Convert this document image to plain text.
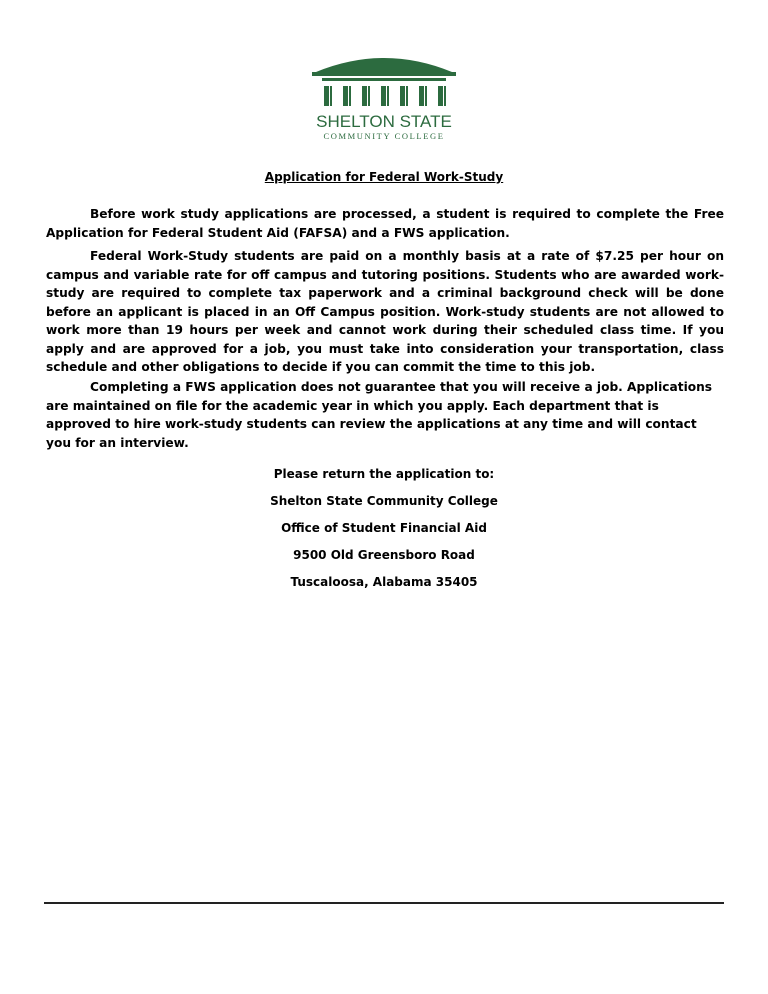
SHELTON STATE
COMMUNITY COLLEGE
Application for Federal Work-Study

Before work study applications are processed, a student is required to complete the Free Application for Federal Student Aid (FAFSA) and a FWS application.

Federal Work-Study students are paid on a monthly basis at a rate of $7.25 per hour on campus and variable rate for off campus and tutoring positions. Students who are awarded work-study are required to complete tax paperwork and a criminal background check will be done before an applicant is placed in an Off Campus position. Work-study students are not allowed to work more than 19 hours per week and cannot work during their scheduled class time. If you apply and are approved for a job, you must take into consideration your transportation, class schedule and other obligations to decide if you can commit the time to this job.

Completing a FWS application does not guarantee that you will receive a job. Applications are maintained on file for the academic year in which you apply. Each department that is approved to hire work-study students can review the applications at any time and will contact you for an interview.

Please return the application to:
Shelton State Community College
Office of Student Financial Aid
9500 Old Greensboro Road
Tuscaloosa, Alabama 35405
